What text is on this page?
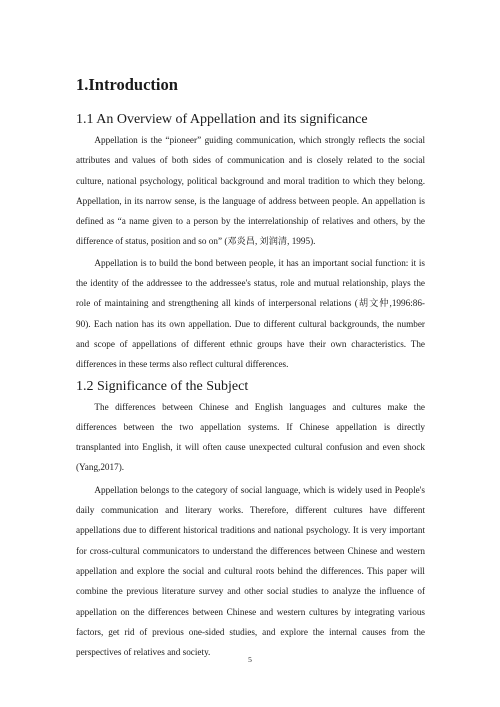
1.Introduction
1.1 An Overview of Appellation and its significance

Appellation is the “pioneer” guiding communication, which strongly reflects the social attributes and values of both sides of communication and is closely related to the social culture, national psychology, political background and moral tradition to which they belong. Appellation, in its narrow sense, is the language of address between people. An appellation is defined as “a name given to a person by the interrelationship of relatives and others, by the difference of status, position and so on” (邓炎昌, 刘润清, 1995).

Appellation is to build the bond between people, it has an important social function: it is the identity of the addressee to the addressee's status, role and mutual relationship, plays the role of maintaining and strengthening all kinds of interpersonal relations (胡文仲,1996:86-90). Each nation has its own appellation. Due to different cultural backgrounds, the number and scope of appellations of different ethnic groups have their own characteristics. The differences in these terms also reflect cultural differences.

1.2 Significance of the Subject

The differences between Chinese and English languages and cultures make the differences between the two appellation systems. If Chinese appellation is directly transplanted into English, it will often cause unexpected cultural confusion and even shock (Yang,2017).

Appellation belongs to the category of social language, which is widely used in People's daily communication and literary works. Therefore, different cultures have different appellations due to different historical traditions and national psychology. It is very important for cross-cultural communicators to understand the differences between Chinese and western appellation and explore the social and cultural roots behind the differences. This paper will combine the previous literature survey and other social studies to analyze the influence of appellation on the differences between Chinese and western cultures by integrating various factors, get rid of previous one-sided studies, and explore the internal causes from the perspectives of relatives and society.

5
